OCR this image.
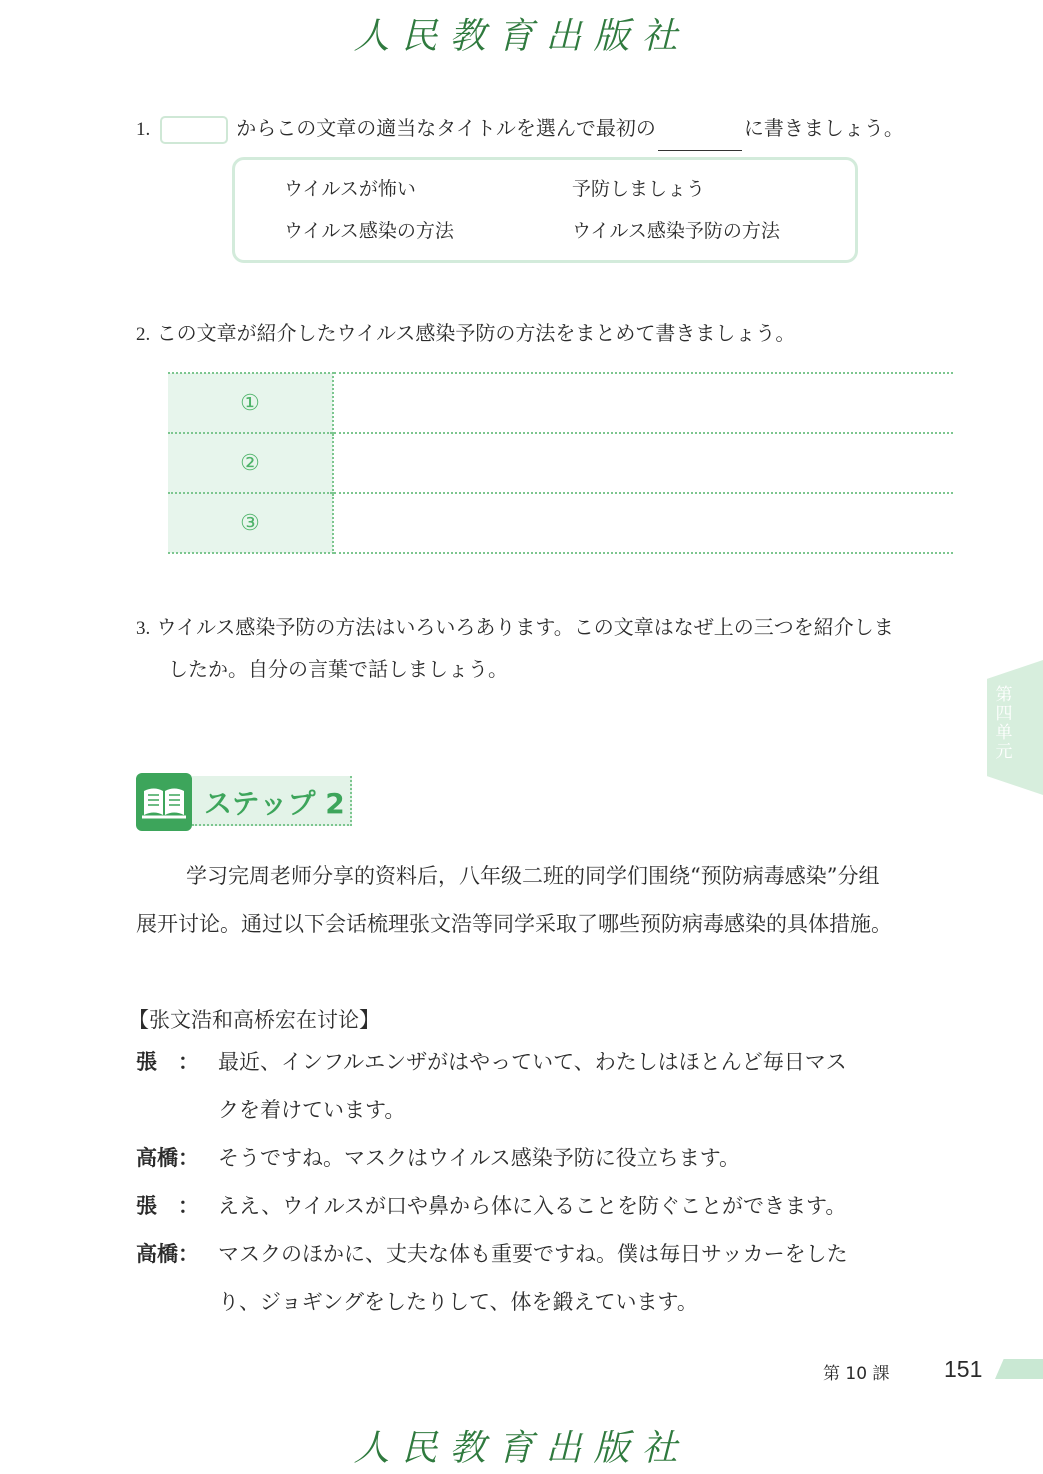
人民教育出版社
1.	からこの文章の適当なタイトルを選んで最初の	に書きましょう。
ウイルスが怖い	予防しましょう
ウイルス感染の方法	ウイルス感染予防の方法
2. この文章が紹介したウイルス感染予防の方法をまとめて書きましょう。
①	
②	
③	
3. ウイルス感染予防の方法はいろいろあります。この文章はなぜ上の三つを紹介しま
したか。自分の言葉で話しましょう。
第四单元
ステップ 2
学习完周老师分享的资料后，八年级二班的同学们围绕“预防病毒感染”分组
展开讨论。通过以下会话梳理张文浩等同学采取了哪些预防病毒感染的具体措施。
【张文浩和高桥宏在讨论】
張　： 最近、インフルエンザがはやっていて、わたしはほとんど毎日マス
クを着けています。
高橋： そうですね。マスクはウイルス感染予防に役立ちます。
張　： ええ、ウイルスが口や鼻から体に入ることを防ぐことができます。
高橋： マスクのほかに、丈夫な体も重要ですね。僕は毎日サッカーをした
り、ジョギングをしたりして、体を鍛えています。
第 10 課 151
人民教育出版社
